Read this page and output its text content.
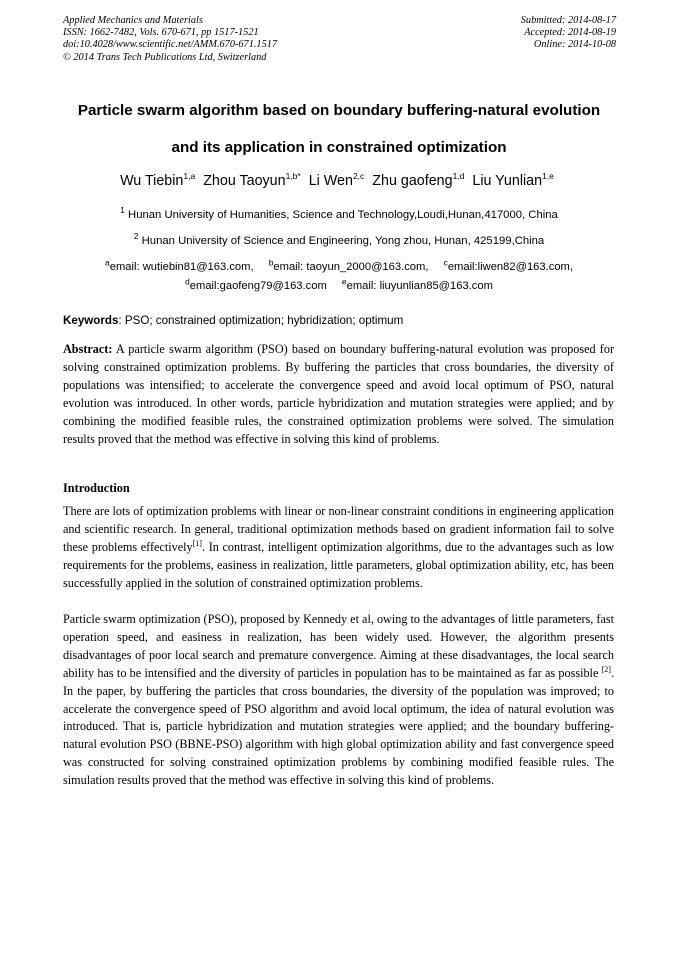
Applied Mechanics and Materials
ISSN: 1662-7482, Vols. 670-671, pp 1517-1521
doi:10.4028/www.scientific.net/AMM.670-671.1517
© 2014 Trans Tech Publications Ltd, Switzerland
Submitted: 2014-08-17
Accepted: 2014-08-19
Online: 2014-10-08
Particle swarm algorithm based on boundary buffering-natural evolution
and its application in constrained optimization
Wu Tiebin$^{1,a}$ Zhou Taoyun$^{1,b*}$ Li Wen$^{2,c}$ Zhu gaofeng$^{1,d}$ Liu Yunlian$^{1,e}$
$^1$ Hunan University of Humanities, Science and Technology,Loudi,Hunan,417000, China
$^2$ Hunan University of Science and Engineering, Yong zhou, Hunan, 425199,China
$^a$email: wutiebin81@163.com, $^b$email: taoyun_2000@163.com, $^c$email:liwen82@163.com,
$^d$email:gaofeng79@163.com $^e$email: liuyunlian85@163.com
Keywords: PSO; constrained optimization; hybridization; optimum
Abstract: A particle swarm algorithm (PSO) based on boundary buffering-natural evolution was proposed for solving constrained optimization problems. By buffering the particles that cross boundaries, the diversity of populations was intensified; to accelerate the convergence speed and avoid local optimum of PSO, natural evolution was introduced. In other words, particle hybridization and mutation strategies were applied; and by combining the modified feasible rules, the constrained optimization problems were solved. The simulation results proved that the method was effective in solving this kind of problems.
Introduction
There are lots of optimization problems with linear or non-linear constraint conditions in engineering application and scientific research. In general, traditional optimization methods based on gradient information fail to solve these problems effectively[1]. In contrast, intelligent optimization algorithms, due to the advantages such as low requirements for the problems, easiness in realization, little parameters, global optimization ability, etc, has been successfully applied in the solution of constrained optimization problems.
Particle swarm optimization (PSO), proposed by Kennedy et al, owing to the advantages of little parameters, fast operation speed, and easiness in realization, has been widely used. However, the algorithm presents disadvantages of poor local search and premature convergence. Aiming at these disadvantages, the local search ability has to be intensified and the diversity of particles in population has to be maintained as far as possible [2]. In the paper, by buffering the particles that cross boundaries, the diversity of the population was improved; to accelerate the convergence speed of PSO algorithm and avoid local optimum, the idea of natural evolution was introduced. That is, particle hybridization and mutation strategies were applied; and the boundary buffering-natural evolution PSO (BBNE-PSO) algorithm with high global optimization ability and fast convergence speed was constructed for solving constrained optimization problems by combining modified feasible rules. The simulation results proved that the method was effective in solving this kind of problems.
